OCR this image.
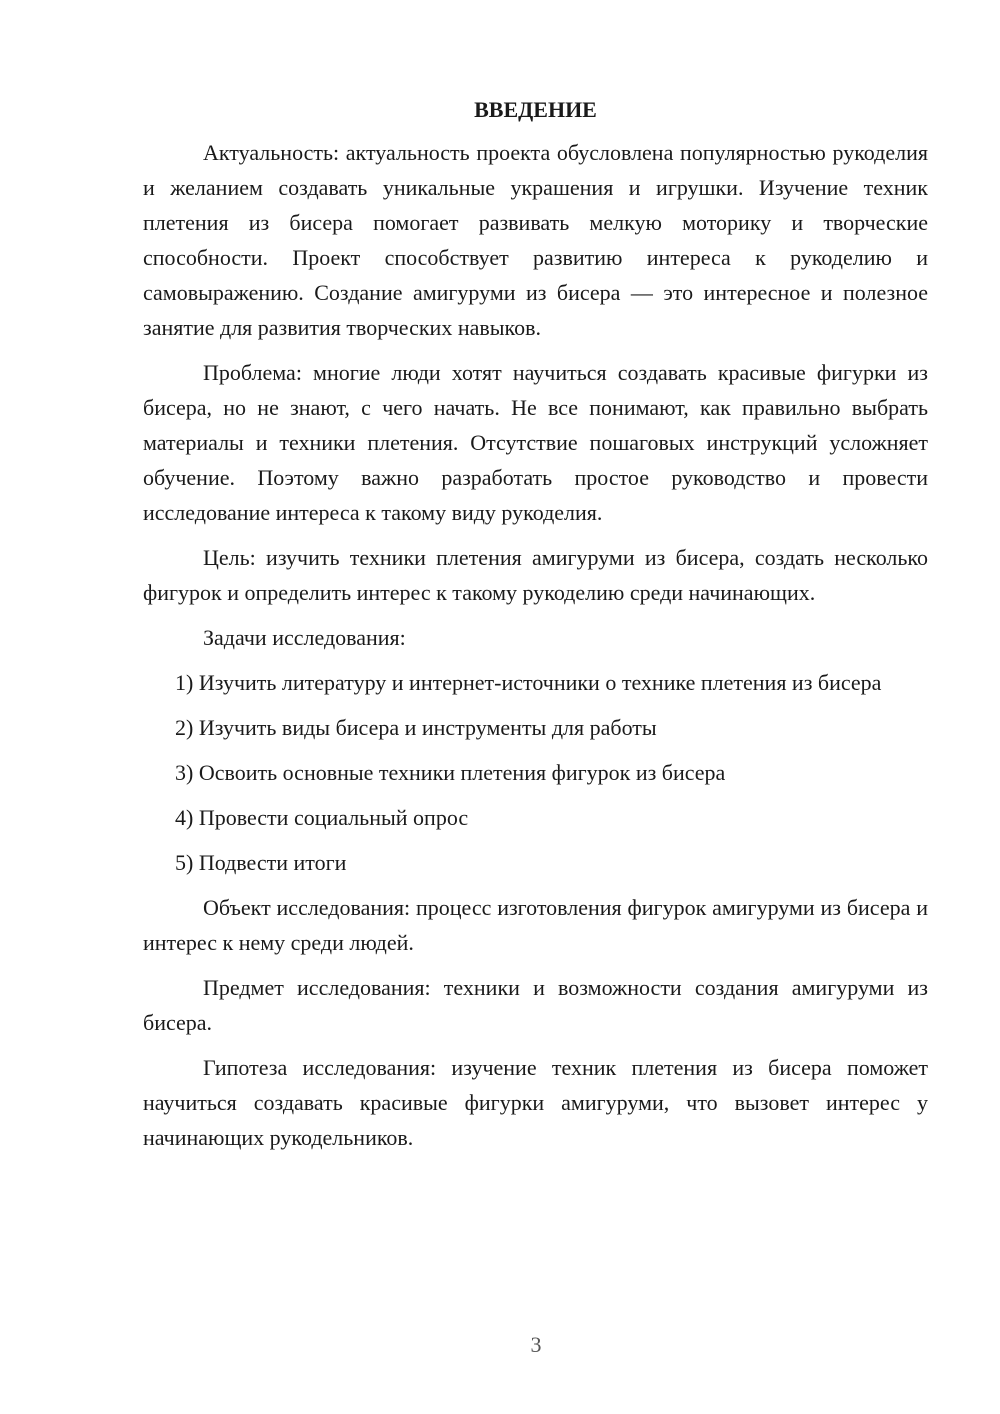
ВВЕДЕНИЕ

Актуальность: актуальность проекта обусловлена популярностью рукоделия и желанием создавать уникальные украшения и игрушки. Изучение техник плетения из бисера помогает развивать мелкую моторику и творческие способности. Проект способствует развитию интереса к рукоделию и самовыражению. Создание амигуруми из бисера — это интересное и полезное занятие для развития творческих навыков.

Проблема: многие люди хотят научиться создавать красивые фигурки из бисера, но не знают, с чего начать. Не все понимают, как правильно выбрать материалы и техники плетения. Отсутствие пошаговых инструкций усложняет обучение. Поэтому важно разработать простое руководство и провести исследование интереса к такому виду рукоделия.

Цель: изучить техники плетения амигуруми из бисера, создать несколько фигурок и определить интерес к такому рукоделию среди начинающих.

Задачи исследования:

1) Изучить литературу и интернет-источники о технике плетения из бисера

2) Изучить виды бисера и инструменты для работы

3) Освоить основные техники плетения фигурок из бисера

4) Провести социальный опрос

5) Подвести итоги

Объект исследования: процесс изготовления фигурок амигуруми из бисера и интерес к нему среди людей.

Предмет исследования: техники и возможности создания амигуруми из бисера.

Гипотеза исследования: изучение техник плетения из бисера поможет научиться создавать красивые фигурки амигуруми, что вызовет интерес у начинающих рукодельников.

3
